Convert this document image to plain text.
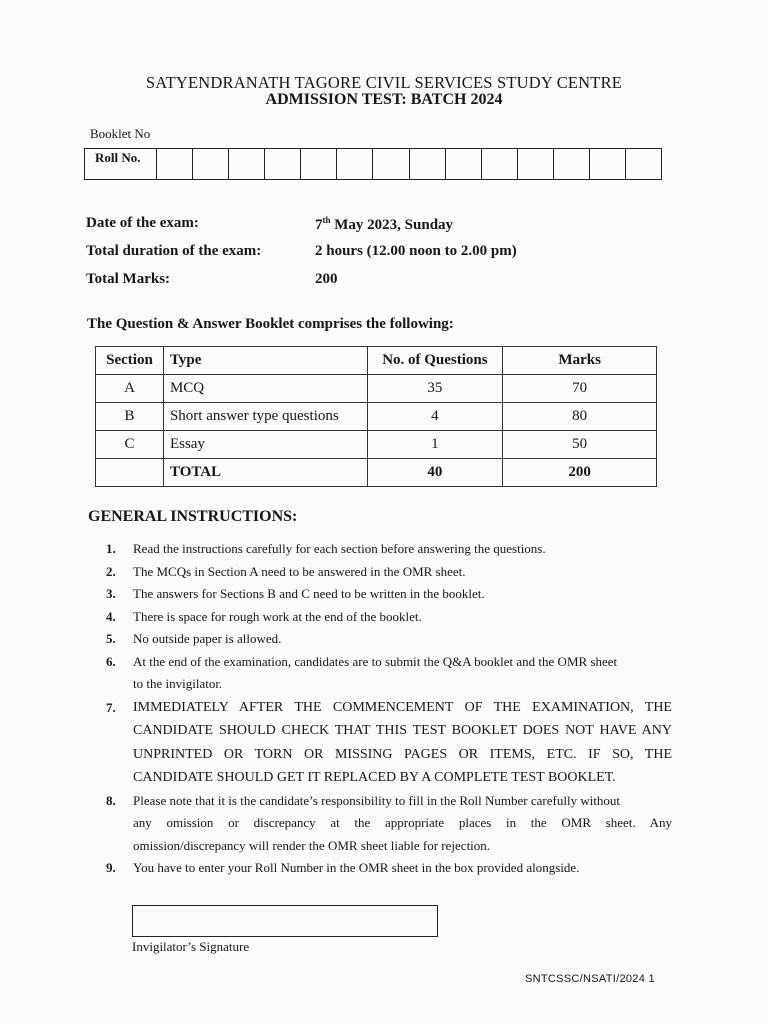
SATYENDRANATH TAGORE CIVIL SERVICES STUDY CENTRE
ADMISSION TEST: BATCH 2024
Booklet No
Roll No.
Date of the exam:	7th May 2023, Sunday
Total duration of the exam:	2 hours (12.00 noon to 2.00 pm)
Total Marks:	200
The Question & Answer Booklet comprises the following:
Section	Type	No. of Questions	Marks
A	MCQ	35	70
B	Short answer type questions	4	80
C	Essay	1	50
	TOTAL	40	200
GENERAL INSTRUCTIONS:
1.	Read the instructions carefully for each section before answering the questions.
2.	The MCQs in Section A need to be answered in the OMR sheet.
3.	The answers for Sections B and C need to be written in the booklet.
4.	There is space for rough work at the end of the booklet.
5.	No outside paper is allowed.
6.	At the end of the examination, candidates are to submit the Q&A booklet and the OMR sheet
to the invigilator.
7.	IMMEDIATELY AFTER THE COMMENCEMENT OF THE EXAMINATION, THE
CANDIDATE SHOULD CHECK THAT THIS TEST BOOKLET DOES NOT HAVE ANY
UNPRINTED OR TORN OR MISSING PAGES OR ITEMS, ETC. IF SO, THE
CANDIDATE SHOULD GET IT REPLACED BY A COMPLETE TEST BOOKLET.
8.	Please note that it is the candidate’s responsibility to fill in the Roll Number carefully without
any omission or discrepancy at the appropriate places in the OMR sheet. Any
omission/discrepancy will render the OMR sheet liable for rejection.
9.	You have to enter your Roll Number in the OMR sheet in the box provided alongside.
Invigilator’s Signature
SNTCSSC/NSATI/2024 1
